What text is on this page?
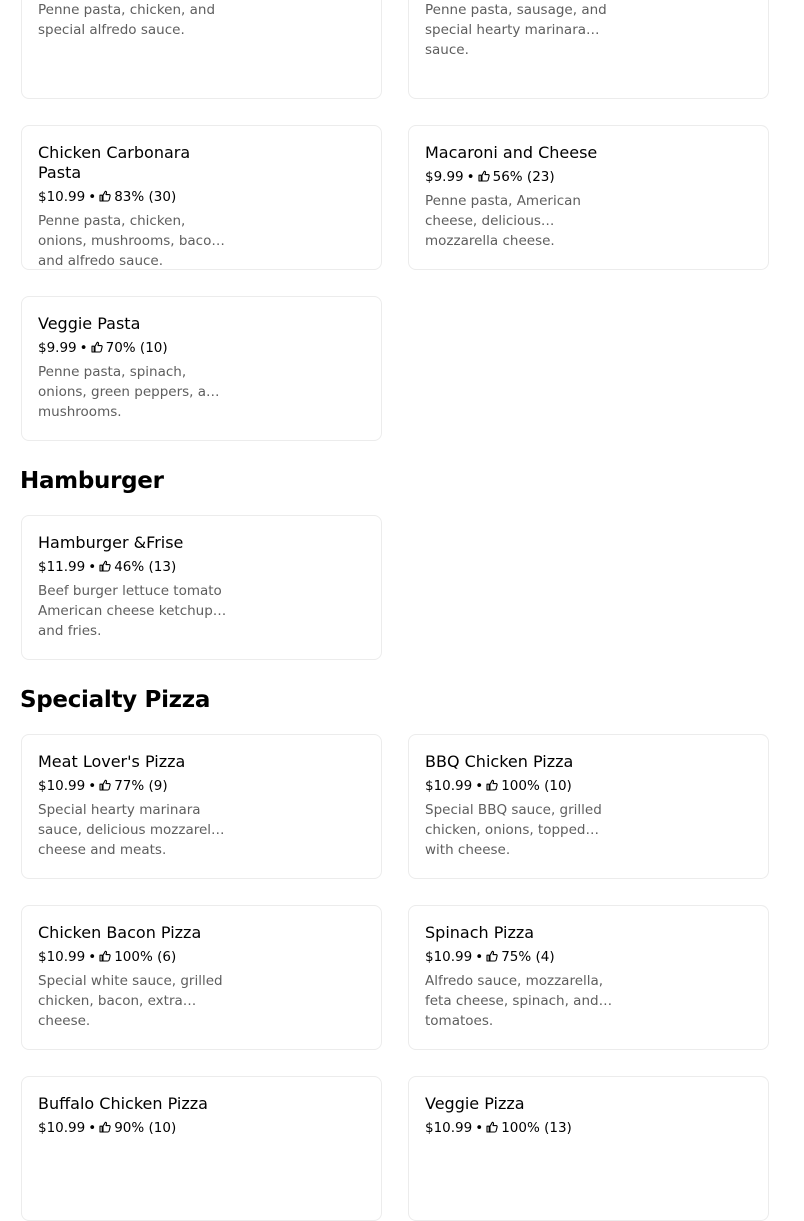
Penne pasta, chicken, and special alfredo sauce.

Penne pasta, sausage, and special hearty marinara sauce.

Chicken Carbonara Pasta

$10.99 • 83% (30)
Penne pasta, chicken, onions, mushrooms, bacon, and alfredo sauce.

Macaroni and Cheese

$9.99 • 56% (23)
Penne pasta, American cheese, delicious mozzarella cheese.

Veggie Pasta

$9.99 • 70% (10)
Penne pasta, spinach, onions, green peppers, and mushrooms.
Hamburger

Hamburger &Frise

$11.99 • 46% (13)
Beef burger lettuce tomato American cheese ketchup and fries.
Specialty Pizza

Meat Lover's Pizza

$10.99 • 77% (9)
Special hearty marinara sauce, delicious mozzarella cheese and meats.

BBQ Chicken Pizza

$10.99 • 100% (10)
Special BBQ sauce, grilled chicken, onions, topped with cheese.

Chicken Bacon Pizza

$10.99 • 100% (6)
Special white sauce, grilled chicken, bacon, extra cheese.

Spinach Pizza

$10.99 • 75% (4)
Alfredo sauce, mozzarella, feta cheese, spinach, and tomatoes.

Buffalo Chicken Pizza

$10.99 • 90% (10)

Veggie Pizza

$10.99 • 100% (13)
